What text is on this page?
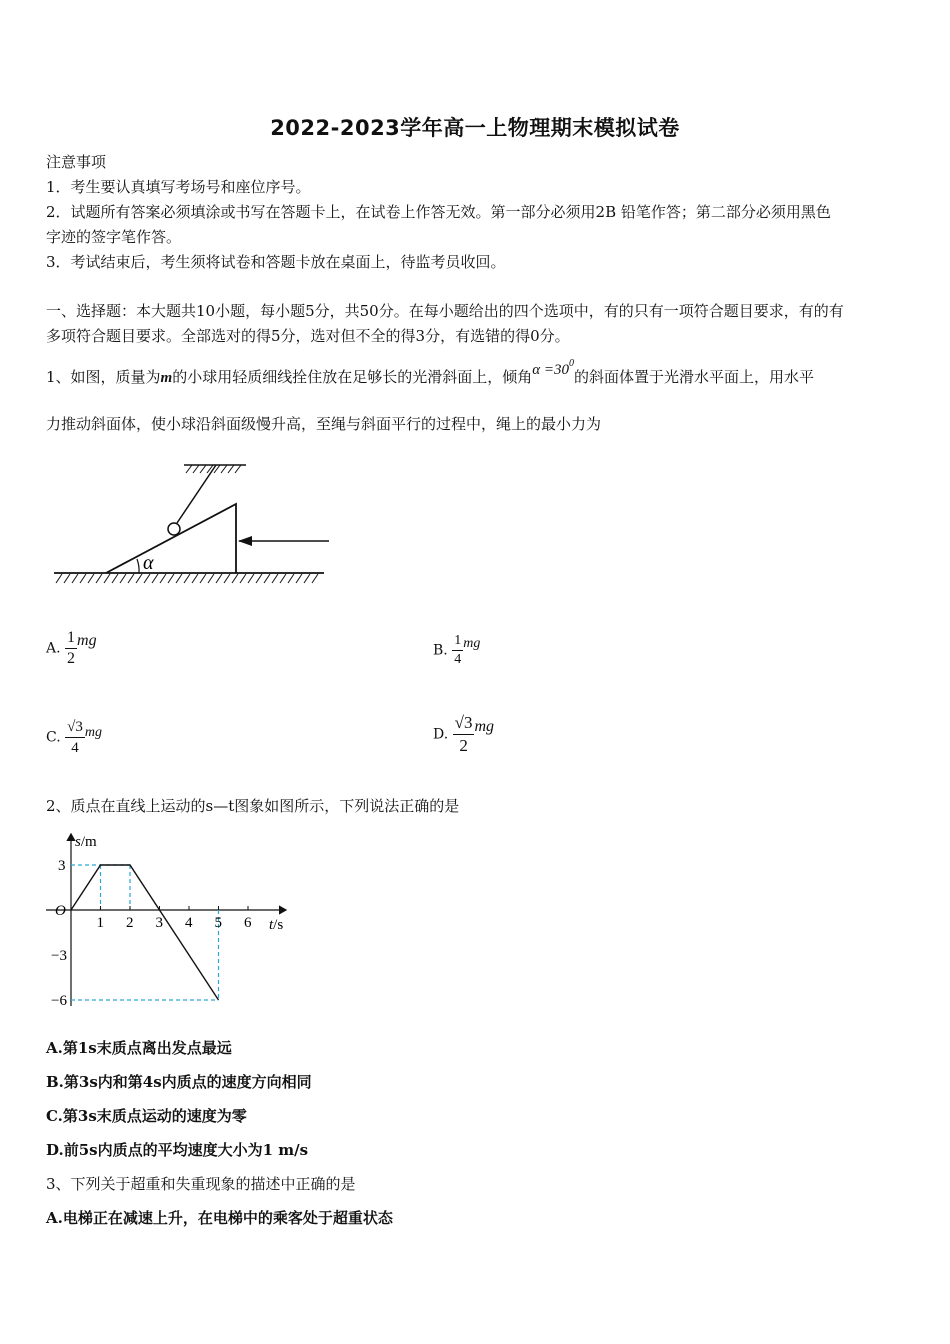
2022-2023学年高一上物理期末模拟试卷
注意事项
1．考生要认真填写考场号和座位序号。
2．试题所有答案必须填涂或书写在答题卡上，在试卷上作答无效。第一部分必须用2B 铅笔作答；第二部分必须用黑色
字迹的签字笔作答。
3．考试结束后，考生须将试卷和答题卡放在桌面上，待监考员收回。
一、选择题：本大题共10小题，每小题5分，共50分。在每小题给出的四个选项中，有的只有一项符合题目要求，有的有
多项符合题目要求。全部选对的得5分，选对但不全的得3分，有选错的得0分。
1、如图，质量为m的小球用轻质细线拴住放在足够长的光滑斜面上，倾角$\alpha =30^0$的斜面体置于光滑水平面上，用水平
力推动斜面体，使小球沿斜面级慢升高，至绳与斜面平行的过程中，绳上的最小力为
α
A. $\frac{1}{2}$ mg
B. $\frac{1}{4}$ mg
C. $\frac{√3}{4}$ mg	D. $\frac{√3}{2}$ mg
2、质点在直线上运动的s—t图象如图所示，下列说法正确的是
1 2 3 4 5 6
3
−3
−6
s/m
t/s
O
A.第1s末质点离出发点最远
B.第3s内和第4s内质点的速度方向相同
C.第3s末质点运动的速度为零
D.前5s内质点的平均速度大小为1 m/s
3、下列关于超重和失重现象的描述中正确的是
A.电梯正在减速上升，在电梯中的乘客处于超重状态
